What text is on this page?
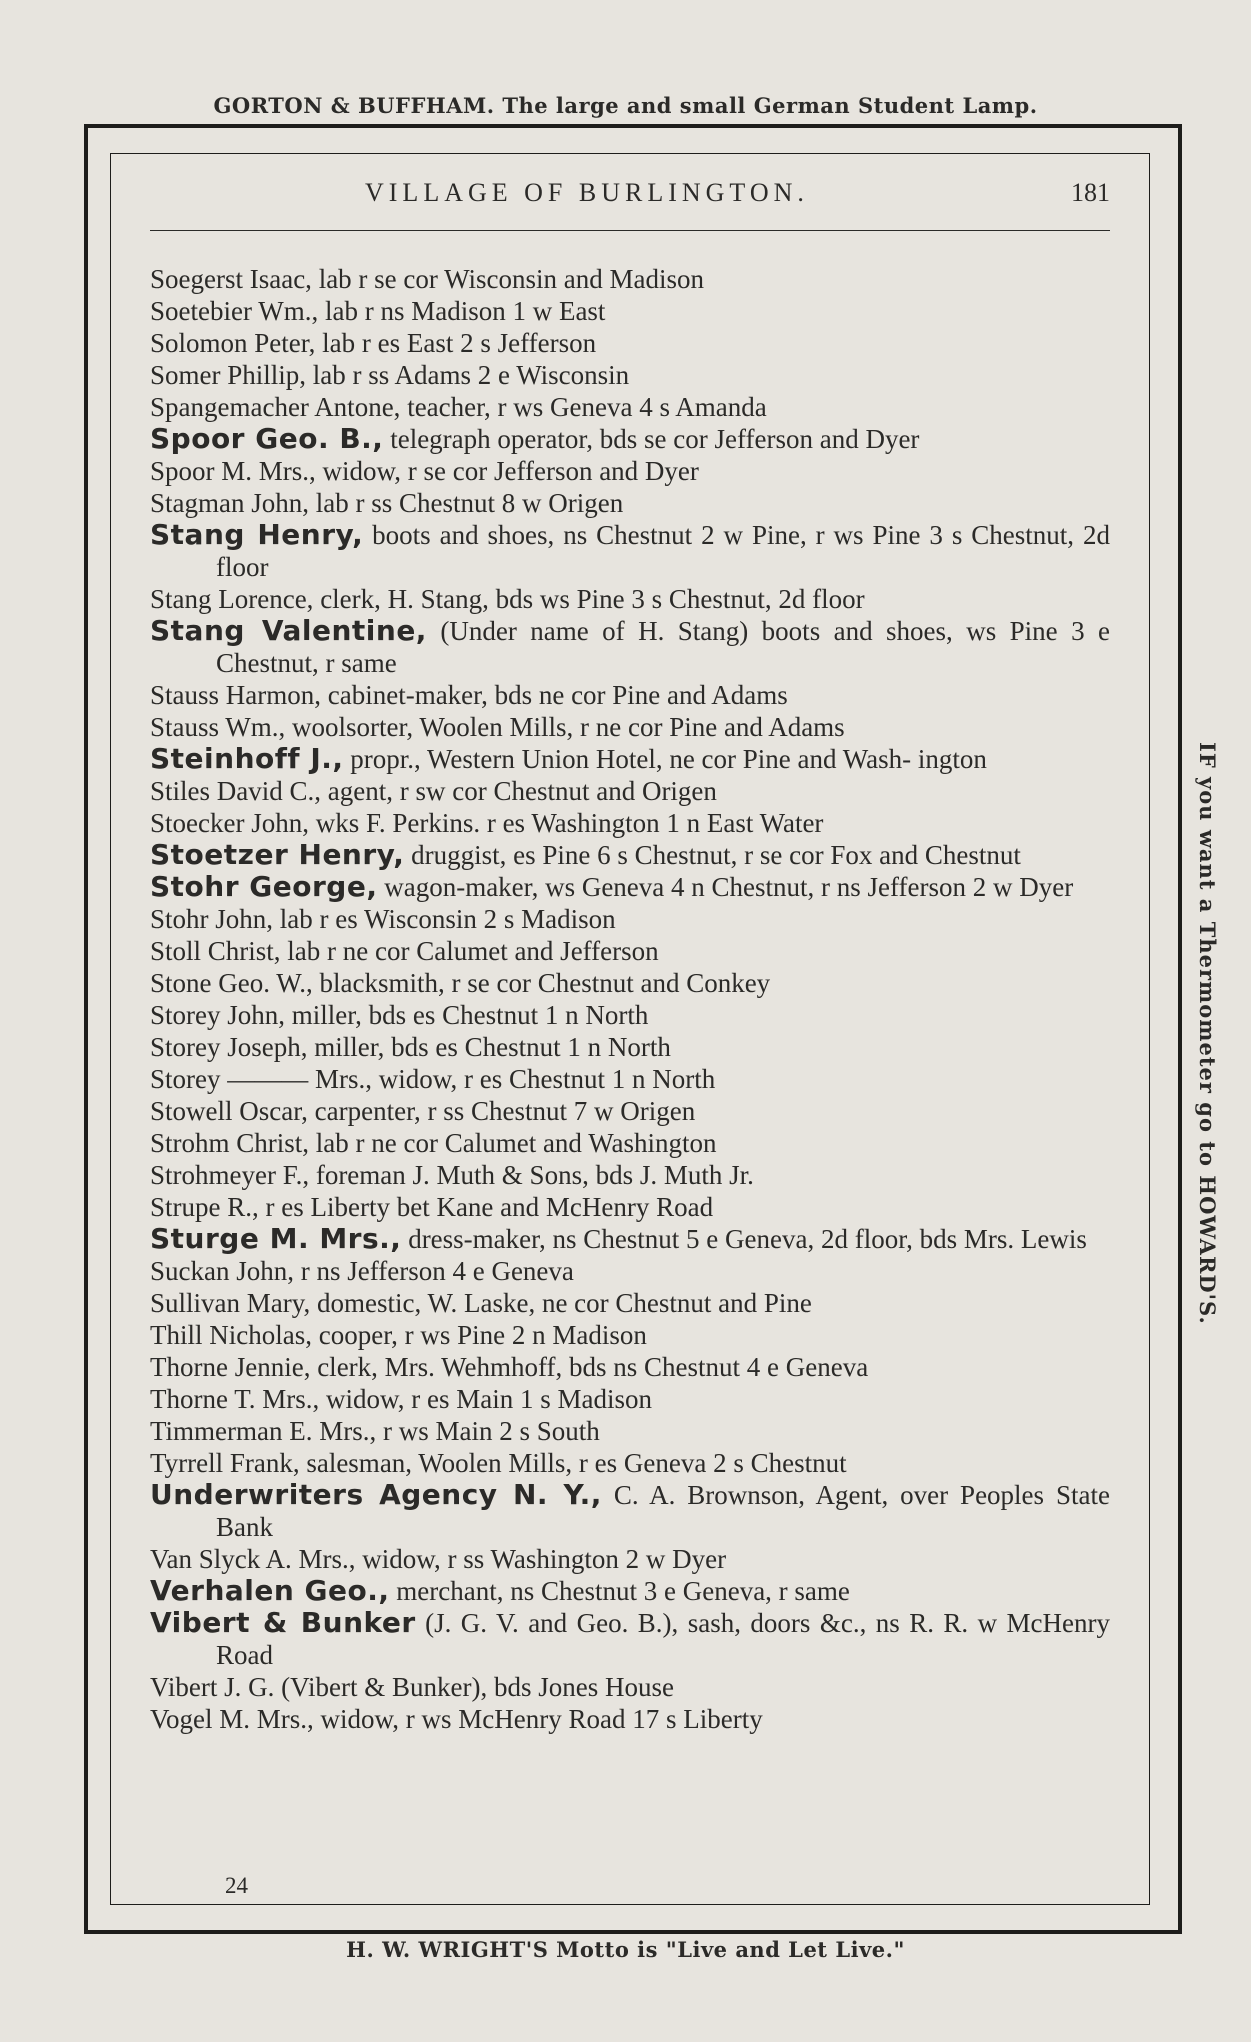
GORTON & BUFFHAM. The large and small German Student Lamp.
IF you want a Thermometer go to HOWARD'S.
VILLAGE OF BURLINGTON.	181

Soegerst Isaac, lab r se cor Wisconsin and Madison

Soetebier Wm., lab r ns Madison 1 w East

Solomon Peter, lab r es East 2 s Jefferson

Somer Phillip, lab r ss Adams 2 e Wisconsin

Spangemacher Antone, teacher, r ws Geneva 4 s Amanda

Spoor Geo. B., telegraph operator, bds se cor Jefferson and Dyer

Spoor M. Mrs., widow, r se cor Jefferson and Dyer

Stagman John, lab r ss Chestnut 8 w Origen

Stang Henry, boots and shoes, ns Chestnut 2 w Pine, r ws Pine 3 s Chestnut, 2d floor

Stang Lorence, clerk, H. Stang, bds ws Pine 3 s Chestnut, 2d floor

Stang Valentine, (Under name of H. Stang) boots and shoes, ws Pine 3 e Chestnut, r same

Stauss Harmon, cabinet-maker, bds ne cor Pine and Adams

Stauss Wm., woolsorter, Woolen Mills, r ne cor Pine and Adams

Steinhoff J., propr., Western Union Hotel, ne cor Pine and Wash- ington

Stiles David C., agent, r sw cor Chestnut and Origen

Stoecker John, wks F. Perkins. r es Washington 1 n East Water

Stoetzer Henry, druggist, es Pine 6 s Chestnut, r se cor Fox and Chestnut

Stohr George, wagon-maker, ws Geneva 4 n Chestnut, r ns Jefferson 2 w Dyer

Stohr John, lab r es Wisconsin 2 s Madison

Stoll Christ, lab r ne cor Calumet and Jefferson

Stone Geo. W., blacksmith, r se cor Chestnut and Conkey

Storey John, miller, bds es Chestnut 1 n North

Storey Joseph, miller, bds es Chestnut 1 n North

Storey ——— Mrs., widow, r es Chestnut 1 n North

Stowell Oscar, carpenter, r ss Chestnut 7 w Origen

Strohm Christ, lab r ne cor Calumet and Washington

Strohmeyer F., foreman J. Muth & Sons, bds J. Muth Jr.

Strupe R., r es Liberty bet Kane and McHenry Road

Sturge M. Mrs., dress-maker, ns Chestnut 5 e Geneva, 2d floor, bds Mrs. Lewis

Suckan John, r ns Jefferson 4 e Geneva

Sullivan Mary, domestic, W. Laske, ne cor Chestnut and Pine

Thill Nicholas, cooper, r ws Pine 2 n Madison

Thorne Jennie, clerk, Mrs. Wehmhoff, bds ns Chestnut 4 e Geneva

Thorne T. Mrs., widow, r es Main 1 s Madison

Timmerman E. Mrs., r ws Main 2 s South

Tyrrell Frank, salesman, Woolen Mills, r es Geneva 2 s Chestnut

Underwriters Agency N. Y., C. A. Brownson, Agent, over Peoples State Bank

Van Slyck A. Mrs., widow, r ss Washington 2 w Dyer

Verhalen Geo., merchant, ns Chestnut 3 e Geneva, r same

Vibert & Bunker (J. G. V. and Geo. B.), sash, doors &c., ns R. R. w McHenry Road

Vibert J. G. (Vibert & Bunker), bds Jones House

Vogel M. Mrs., widow, r ws McHenry Road 17 s Liberty

24
H. W. WRIGHT'S Motto is "Live and Let Live."
